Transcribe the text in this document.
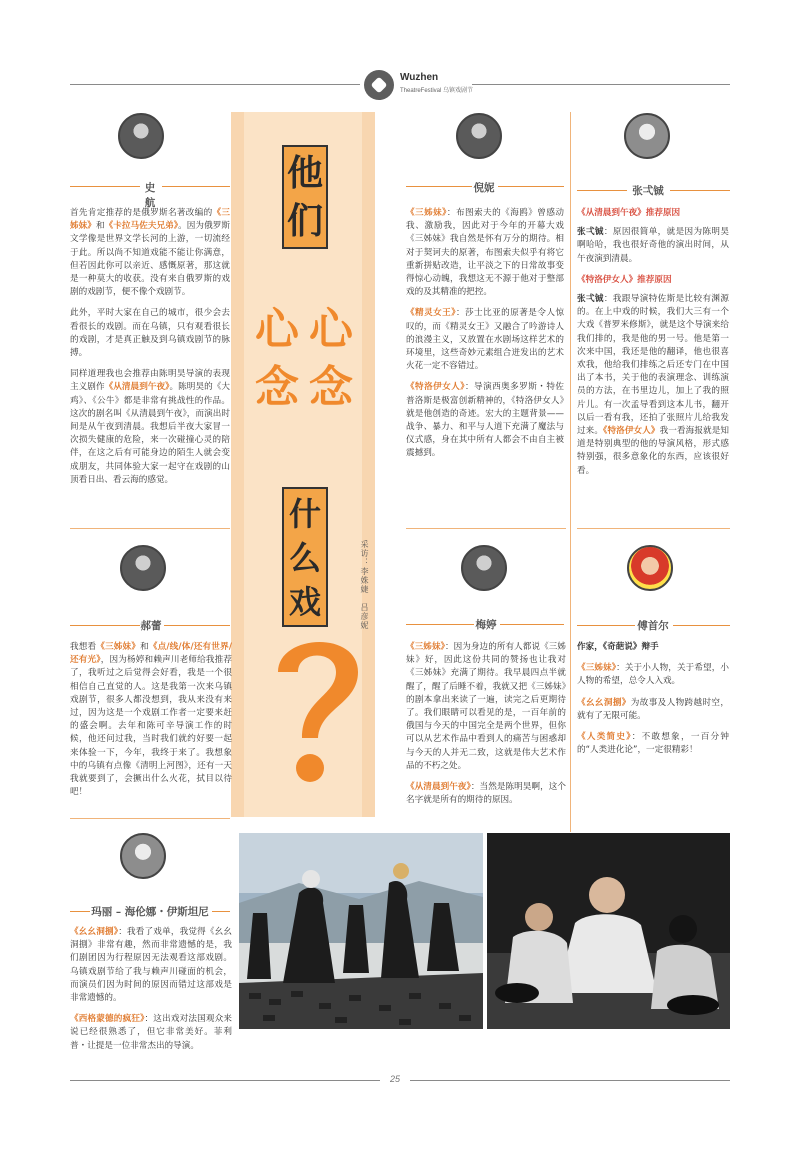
Wuzhen
TheatreFestival 乌镇戏剧节
他
们
心 心
念 念
什
么
戏	采访：李姝婕　吕彦妮
史航

首先肯定推荐的是俄罗斯名著改编的《三姊妹》和《卡拉马佐夫兄弟》。因为俄罗斯文学像是世界文学长河的上游，一切流经于此。所以尚不知道戏能不能让你满意，但若因此你可以亲近、感慨原著，那这就是一种莫大的收获。没有来自俄罗斯的戏剧的戏剧节，便不像个戏剧节。

此外，平时大家在自己的城市，很少会去看很长的戏剧。而在乌镇，只有观看很长的戏剧，才是真正触及到乌镇戏剧节的脉搏。

同样道理我也会推荐由陈明昊导演的表现主义剧作《从清晨到午夜》。陈明昊的《大鸡》、《公牛》都是非常有挑战性的作品。这次的剧名叫《从清晨到午夜》，而演出时间是从午夜到清晨。我想后半夜大家冒一次损失健康的危险，来一次碰撞心灵的陪伴，在这之后有可能身边的陌生人就会变成朋友，共同体验大家一起守在戏剧的山顶看日出、看云海的感觉。

倪妮

《三姊妹》：布图索夫的《海鸥》曾感动我、激励我，因此对于今年的开幕大戏《三姊妹》我自然是怀有万分的期待。相对于契诃夫的原著，布图索夫似乎有将它重新拼贴改造，让平淡之下的日常故事变得惊心动魄，我想这无不源于他对于整部戏的及其精准的把控。

《精灵女王》：莎士比亚的原著是令人惊叹的，而《精灵女王》又融合了吟游诗人的浪漫主义，又放置在水剧场这样艺术的环境里，这些奇妙元素组合迸发出的艺术火花一定不容错过。

《特洛伊女人》：导演西奥多罗斯・特佐普洛斯是极富创新精神的，《特洛伊女人》就是他创造的奇迹。宏大的主题背景——战争、暴力、和平与人道下充满了魔法与仪式感，身在其中所有人都会不由自主被震撼到。

张弌铖

《从清晨到午夜》推荐原因

张弌铖：原因很简单，就是因为陈明昊啊哈哈，我也很好奇他的演出时间，从午夜演到清晨。

《特洛伊女人》推荐原因

张弌铖：我跟导演特佐斯是比较有渊源的。在上中戏的时候，我们大三有一个大戏《普罗米修斯》，就是这个导演来给我们排的，我是他的男一号。他是第一次来中国，我还是他的翻译，他也很喜欢我，他给我们排练之后还专门在中国出了本书，关于他的表演理念、训练演员的方法，在书里边儿，加上了我的照片儿。有一次孟导看到这本儿书，翻开以后一看有我，还拍了张照片儿给我发过来。《特洛伊女人》我一看海报就是知道是特别典型的他的导演风格，形式感特别强，很多意象化的东西，应该很好看。

郝蕾

我想看《三姊妹》和《点/线/体/还有世界/还有光》，因为杨婷和赖声川老师给我推荐了，我听过之后觉得会好看，我是一个很相信自己直觉的人。这是我第一次来乌镇戏剧节，很多人都没想到，我从来没有来过，因为这是一个戏剧工作者一定要来赶的盛会啊。去年和陈可辛导演工作的时候，他还问过我，当时我们就约好要一起来体验一下，今年，我终于来了。我想象中的乌镇有点像《清明上河图》，还有一天我就要到了，会撅出什么火花，拭目以待吧！

梅婷

《三姊妹》：因为身边的所有人都说《三姊妹》好，因此这份共同的赞扬也让我对《三姊妹》充满了期待。我早晨四点半就醒了，醒了后睡不着，我就又把《三姊妹》的剧本拿出来读了一遍，读完之后更期待了。我们眼睛可以看见的是，一百年前的俄国与今天的中国完全是两个世界，但你可以从艺术作品中看到人的痛苦与困惑却与今天的人并无二致，这就是伟大艺术作品的不朽之处。

《从清晨到午夜》：当然是陈明昊啊，这个名字就是所有的期待的原因。

傅首尔

作家，《奇葩说》辩手

《三姊妹》：关于小人物，关于希望，小人物的希望，总令人入戏。

《幺幺洞捌》为故事及人物跨越时空，就有了无限可能。

《人类简史》：不敢想象，一百分钟的“人类进化论”，一定很精彩！

玛丽 – 海伦娜・伊斯坦尼

《幺幺洞捌》：我看了戏单，我觉得《幺幺洞捌》非常有趣，然而非常遗憾的是，我们剧团因为行程原因无法观看这部戏剧。乌镇戏剧节给了我与赖声川碰面的机会，而演员们因为时间的原因而错过这部戏是非常遗憾的。

《西格蒙德的疯狂》：这出戏对法国观众来说已经很熟悉了，但它非常美好。菲利普・让提是一位非常杰出的导演。

25
